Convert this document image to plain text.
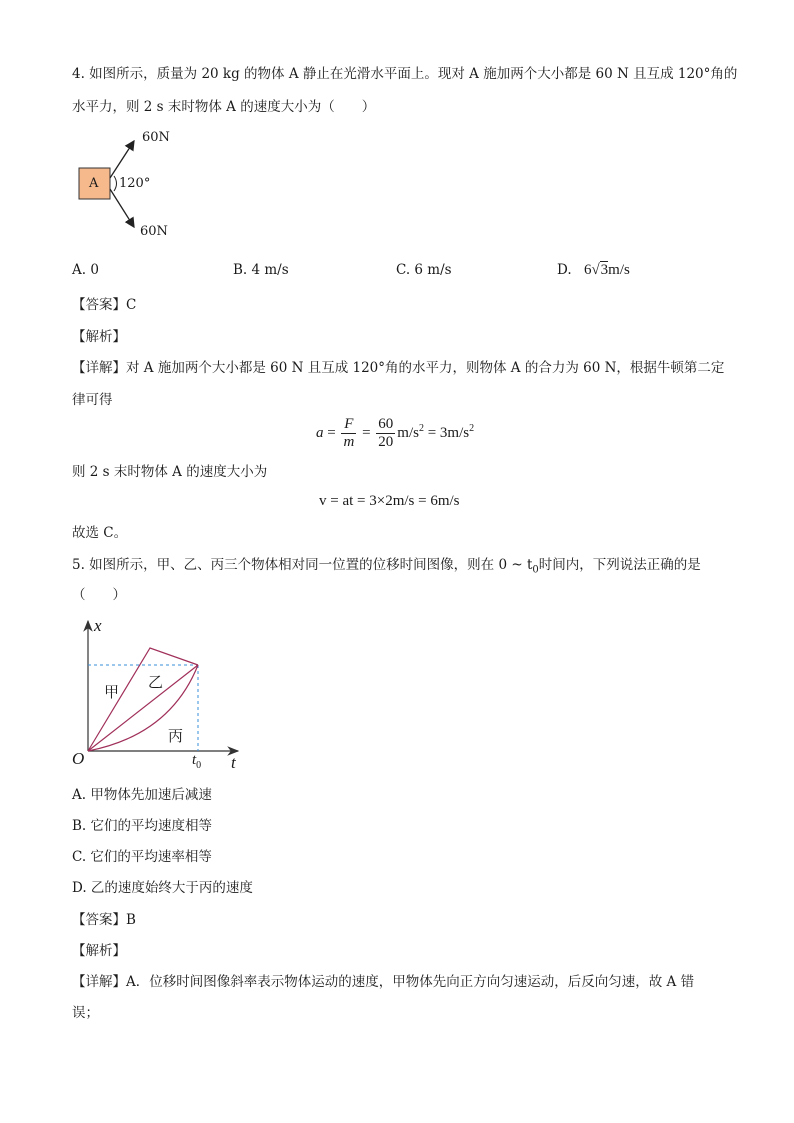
4. 如图所示，质量为 20 kg 的物体 A 静止在光滑水平面上。现对 A 施加两个大小都是 60 N 且互成 120°角的
水平力，则 2 s 末时物体 A 的速度大小为（　　）
A 120°
60N
60N
A. 0	B. 4 m/s	C. 6 m/s	D. 6√3m/s
【答案】C
【解析】
【详解】对 A 施加两个大小都是 60 N 且互成 120°角的水平力，则物体 A 的合力为 60 N，根据牛顿第二定
律可得
$a = \frac{F}{m} = \frac{60}{20} m/s^2 = 3m/s^2$
则 2 s 末时物体 A 的速度大小为
v = at = 3×2m/s = 6m/s
故选 C。
5. 如图所示，甲、乙、丙三个物体相对同一位置的位移时间图像，则在 0 ~ $t_0$时间内，下列说法正确的是
（　　）
x
t
O	$t_0$
甲
乙
丙
A. 甲物体先加速后减速
B. 它们的平均速度相等
C. 它们的平均速率相等
D. 乙的速度始终大于丙的速度
【答案】B
【解析】
【详解】A．位移时间图像斜率表示物体运动的速度，甲物体先向正方向匀速运动，后反向匀速，故 A 错
误；
